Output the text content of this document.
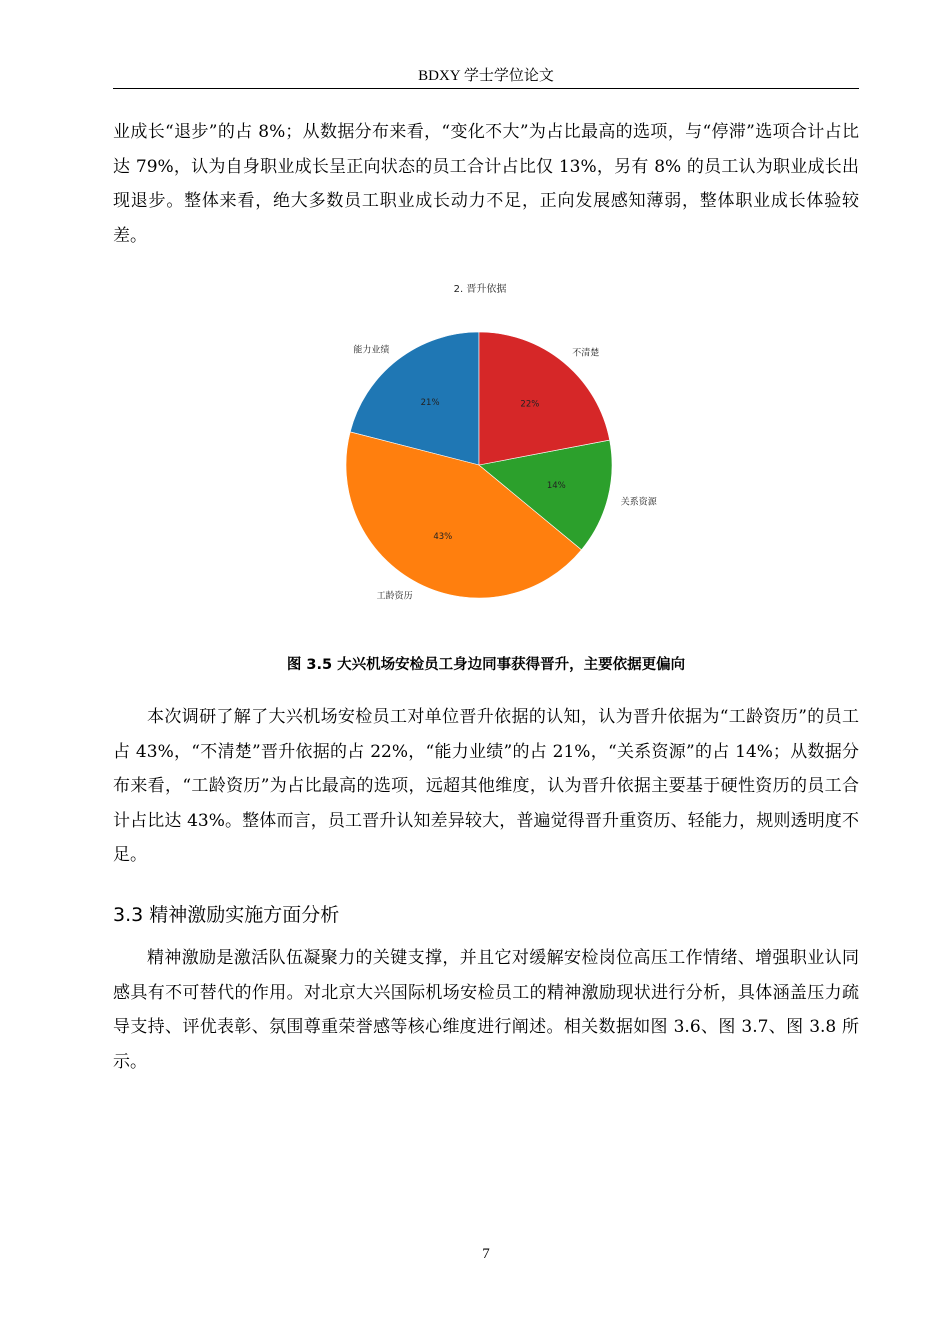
BDXY 学士学位论文

业成长“退步”的占 8%；从数据分布来看，“变化不大”为占比最高的选项，与“停滞”选项合计占比达 79%，认为自身职业成长呈正向状态的员工合计占比仅 13%，另有 8% 的员工认为职业成长出现退步。整体来看，绝大多数员工职业成长动力不足，正向发展感知薄弱，整体职业成长体验较差。

2. 晋升依据
21%
能力业绩
43%
工龄资历
14%
关系资源
22%
不清楚
图 3.5 大兴机场安检员工身边同事获得晋升，主要依据更偏向

本次调研了解了大兴机场安检员工对单位晋升依据的认知，认为晋升依据为“工龄资历”的员工占 43%，“不清楚”晋升依据的占 22%，“能力业绩”的占 21%，“关系资源”的占 14%；从数据分布来看，“工龄资历”为占比最高的选项，远超其他维度，认为晋升依据主要基于硬性资历的员工合计占比达 43%。整体而言，员工晋升认知差异较大，普遍觉得晋升重资历、轻能力，规则透明度不足。

3.3 精神激励实施方面分析

精神激励是激活队伍凝聚力的关键支撑，并且它对缓解安检岗位高压工作情绪、增强职业认同感具有不可替代的作用。对北京大兴国际机场安检员工的精神激励现状进行分析，具体涵盖压力疏导支持、评优表彰、氛围尊重荣誉感等核心维度进行阐述。相关数据如图 3.6、图 3.7、图 3.8 所示。

7
